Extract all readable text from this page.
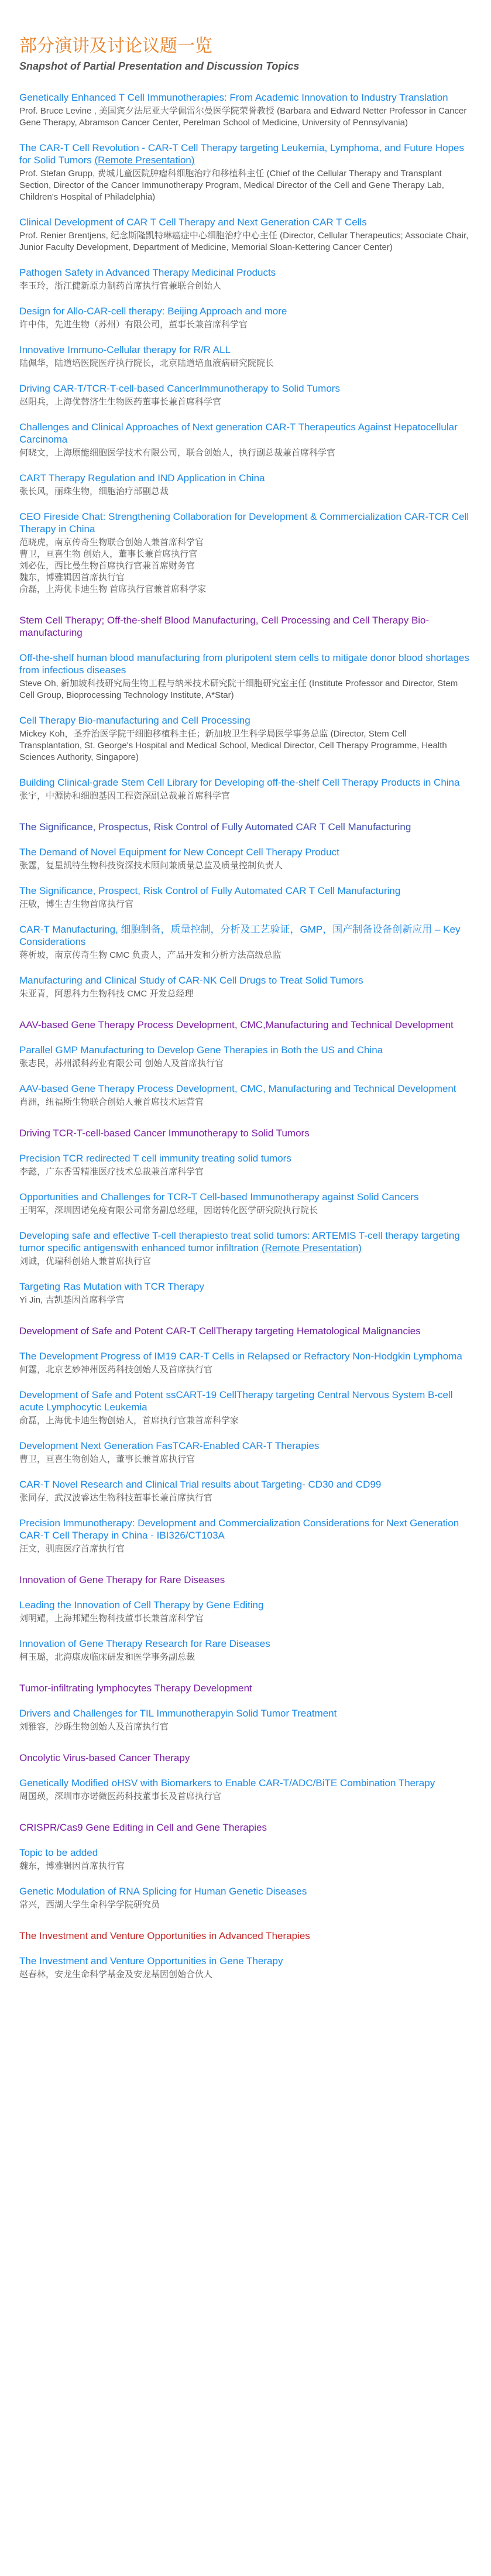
部分演讲及讨论议题一览
Snapshot of Partial Presentation and Discussion Topics
Genetically Enhanced T Cell Immunotherapies: From Academic Innovation to Industry Translation
Prof. Bruce Levine , 美国宾夕法尼亚大学佩雷尔曼医学院荣誉教授 (Barbara and Edward Netter Professor in Cancer Gene Therapy, Abramson Cancer Center, Perelman School of Medicine, University of Pennsylvania)
The CAR-T Cell Revolution - CAR-T Cell Therapy targeting Leukemia, Lymphoma, and Future Hopes for Solid Tumors (Remote Presentation)
Prof. Stefan Grupp, 费城儿童医院肿瘤科细胞治疗和移植科主任 (Chief of the Cellular Therapy and Transplant Section, Director of the Cancer Immunotherapy Program, Medical Director of the Cell and Gene Therapy Lab, Children's Hospital of Philadelphia)
Clinical Development of CAR T Cell Therapy and Next Generation CAR T Cells
Prof. Renier Brentjens, 纪念斯隆凯特琳癌症中心细胞治疗中心主任 (Director, Cellular Therapeutics; Associate Chair, Junior Faculty Development, Department of Medicine, Memorial Sloan-Kettering Cancer Center)
Pathogen Safety in Advanced Therapy Medicinal Products
李玉玲，浙江健新原力制药首席执行官兼联合创始人
Design for Allo-CAR-cell therapy: Beijing Approach and more
许中伟，先进生物（苏州）有限公司，董事长兼首席科学官
Innovative Immuno-Cellular therapy for R/R ALL
陆佩华，陆道培医院医疗执行院长，北京陆道培血液病研究院院长
Driving CAR-T/TCR-T-cell-based CancerImmunotherapy to Solid Tumors
赵阳兵，上海优替济生生物医药董事长兼首席科学官
Challenges and Clinical Approaches of Next generation CAR-T Therapeutics Against Hepatocellular Carcinoma
何晓文，上海原能细胞医学技术有限公司，联合创始人，执行副总裁兼首席科学官
CART Therapy Regulation and IND Application in China
张长风，丽珠生物，细胞治疗部副总裁
CEO Fireside Chat: Strengthening Collaboration for Development & Commercialization CAR-TCR Cell Therapy in China
范晓虎，南京传奇生物联合创始人兼首席科学官
曹卫，亘喜生物 创始人，董事长兼首席执行官
刘必佐，西比曼生物首席执行官兼首席财务官
魏东，博雅辑因首席执行官
俞磊，上海优卡迪生物 首席执行官兼首席科学家
Stem Cell Therapy; Off-the-shelf Blood Manufacturing, Cell Processing and Cell Therapy Bio-manufacturing
Off-the-shelf human blood manufacturing from pluripotent stem cells to mitigate donor blood shortages from infectious diseases
Steve Oh, 新加坡科技研究局生物工程与纳米技术研究院干细胞研究室主任 (Institute Professor and Director, Stem Cell Group, Bioprocessing Technology Institute, A*Star)
Cell Therapy Bio-manufacturing and Cell Processing
Mickey Koh，圣乔治医学院干细胞移植科主任；新加坡卫生科学局医学事务总监 (Director, Stem Cell Transplantation, St. George's Hospital and Medical School, Medical Director, Cell Therapy Programme, Health Sciences Authority, Singapore)
Building Clinical-grade Stem Cell Library for Developing off-the-shelf Cell Therapy Products in China
张宇，中源协和细胞基因工程资深副总裁兼首席科学官
The Significance, Prospectus, Risk Control of Fully Automated CAR T Cell Manufacturing
The Demand of Novel Equipment for New Concept Cell Therapy Product
张霆，复星凯特生物科技资深技术顾问兼质量总监及质量控制负责人
The Significance, Prospect, Risk Control of Fully Automated CAR T Cell Manufacturing
汪敏，博生吉生物首席执行官
CAR-T Manufacturing, 细胞制备，质量控制，分析及工艺验证，GMP，国产制备设备创新应用 – Key Considerations
蒋析坡，南京传奇生物 CMC 负责人，产品开发和分析方法高级总监
Manufacturing and Clinical Study of CAR-NK Cell Drugs to Treat Solid Tumors
朱亚青，阿思科力生物科技 CMC 开发总经理
AAV-based Gene Therapy Process Development, CMC,Manufacturing and Technical Development
Parallel GMP Manufacturing to Develop Gene Therapies in Both the US and China
张志民，苏州派科药业有限公司 创始人及首席执行官
AAV-based Gene Therapy Process Development, CMC, Manufacturing and Technical Development
肖洲，纽福斯生物联合创始人兼首席技术运营官
Driving TCR-T-cell-based Cancer Immunotherapy to Solid Tumors
Precision TCR redirected T cell immunity treating solid tumors
李懿，广东香雪精准医疗技术总裁兼首席科学官
Opportunities and Challenges for TCR-T Cell-based Immunotherapy against Solid Cancers
王明军，深圳因诺免疫有限公司常务副总经理，因诺转化医学研究院执行院长
Developing safe and effective T-cell therapiesto treat solid tumors: ARTEMIS T-cell therapy targeting tumor specific antigenswith enhanced tumor infiltration (Remote Presentation)
刘诚，优瑞科创始人兼首席执行官
Targeting Ras Mutation with TCR Therapy
Yi Jin, 吉凯基因首席科学官
Development of Safe and Potent CAR-T CellTherapy targeting Hematological Malignancies
The Development Progress of IM19 CAR-T Cells in Relapsed or Refractory Non-Hodgkin Lymphoma
何霆，北京艺妙神州医药科技创始人及首席执行官
Development of Safe and Potent ssCART-19 CellTherapy targeting Central Nervous System B-cell acute Lymphocytic Leukemia
俞磊，上海优卡迪生物创始人，首席执行官兼首席科学家
Development Next Generation FasTCAR-Enabled CAR-T Therapies
曹卫，亘喜生物创始人，董事长兼首席执行官
CAR-T Novel Research and Clinical Trial results about Targeting- CD30 and CD99
张同存，武汉波睿达生物科技董事长兼首席执行官
Precision Immunotherapy: Development and Commercialization Considerations for Next Generation CAR-T Cell Therapy in China - IBI326/CT103A
汪文，驯鹿医疗首席执行官
Innovation of Gene Therapy for Rare Diseases
Leading the Innovation of Cell Therapy by Gene Editing
刘明耀，上海邦耀生物科技董事长兼首席科学官
Innovation of Gene Therapy Research for Rare Diseases
柯玉璐，北海康成临床研发和医学事务副总裁
Tumor-infiltrating lymphocytes Therapy Development
Drivers and Challenges for TIL Immunotherapyin Solid Tumor Treatment
刘雅容，沙砾生物创始人及首席执行官
Oncolytic Virus-based Cancer Therapy
Genetically Modified oHSV with Biomarkers to Enable CAR-T/ADC/BiTE Combination Therapy
周国瑛，深圳市亦诺微医药科技董事长及首席执行官
CRISPR/Cas9 Gene Editing in Cell and Gene Therapies
Topic to be added
魏东，博雅辑因首席执行官
Genetic Modulation of RNA Splicing for Human Genetic Diseases
常兴，西湖大学生命科学学院研究员
The Investment and Venture Opportunities in Advanced Therapies
The Investment and Venture Opportunities in Gene Therapy
赵春林，安龙生命科学基金及安龙基因创始合伙人
